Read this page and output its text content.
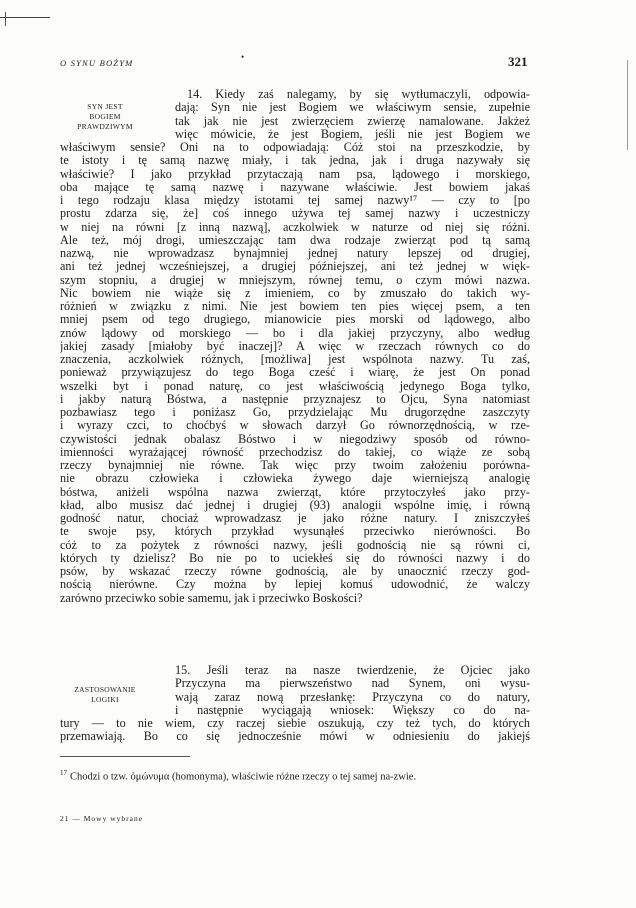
O SYNU BOŻYM
•	321
SYN JEST
BOGIEM
PRAWDZIWYM
ZASTOSOWANIE
LOGIKI
14. Kiedy zaś nalegamy, by się wytłumaczyli, odpowia-
dają: Syn nie jest Bogiem we właściwym sensie, zupełnie
tak jak nie jest zwierzęciem zwierzę namalowane. Jakżeż
więc mówicie, że jest Bogiem, jeśli nie jest Bogiem we
właściwym sensie? Oni na to odpowiadają: Cóż stoi na przeszkodzie, by
te istoty i tę samą nazwę miały, i tak jedna, jak i druga nazywały się
właściwie? I jako przykład przytaczają nam psa, lądowego i morskiego,
oba mające tę samą nazwę i nazywane właściwie. Jest bowiem jakaś
i tego rodzaju klasa między istotami tej samej nazwy¹⁷ — czy to [po
prostu zdarza się, że] coś innego używa tej samej nazwy i uczestniczy
w niej na równi [z inną nazwą], aczkolwiek w naturze od niej się różni.
Ale też, mój drogi, umieszczając tam dwa rodzaje zwierząt pod tą samą
nazwą, nie wprowadzasz bynajmniej jednej natury lepszej od drugiej,
ani też jednej wcześniejszej, a drugiej późniejszej, ani też jednej w więk-
szym stopniu, a drugiej w mniejszym, równej temu, o czym mówi nazwa.
Nic bowiem nie wiąże się z imieniem, co by zmuszało do takich wy-
różnień w związku z nimi. Nie jest bowiem ten pies więcej psem, a ten
mniej psem od tego drugiego, mianowicie pies morski od lądowego, albo
znów lądowy od morskiego — bo i dla jakiej przyczyny, albo według
jakiej zasady [miałoby być inaczej]? A więc w rzeczach równych co do
znaczenia, aczkolwiek różnych, [możliwa] jest wspólnota nazwy. Tu zaś,
ponieważ przywiązujesz do tego Boga cześć i wiarę, że jest On ponad
wszelki byt i ponad naturę, co jest właściwością jedynego Boga tylko,
i jakby naturą Bóstwa, a następnie przyznajesz to Ojcu, Syna natomiast
pozbawiasz tego i poniżasz Go, przydzielając Mu drugorzędne zaszczyty
i wyrazy czci, to choćbyś w słowach darzył Go równorzędnością, w rze-
czywistości jednak obalasz Bóstwo i w niegodziwy sposób od równo-
imienności wyrażającej równość przechodzisz do takiej, co wiąże ze sobą
rzeczy bynajmniej nie równe. Tak więc przy twoim założeniu porówna-
nie obrazu człowieka i człowieka żywego daje wierniejszą analogię
bóstwa, aniżeli wspólna nazwa zwierząt, które przytoczyłeś jako przy-
kład, albo musisz dać jednej i drugiej (93) analogii wspólne imię, i równą
godność natur, chociaż wprowadzasz je jako różne natury. I zniszczyłeś
te swoje psy, których przykład wysunąłeś przeciwko nierówności. Bo
cóż to za pożytek z równości nazwy, jeśli godnością nie są równi ci,
których ty dzielisz? Bo nie po to uciekłeś się do równości nazwy i do
psów, by wskazać rzeczy równe godnością, ale by unaocznić rzeczy god-
nością nierówne. Czy można by lepiej komuś udowodnić, że walczy
zarówno przeciwko sobie samemu, jak i przeciwko Boskości?
15. Jeśli teraz na nasze twierdzenie, że Ojciec jako
Przyczyna ma pierwszeństwo nad Synem, oni wysu-
wają zaraz nową przesłankę: Przyczyna co do natury,
i następnie wyciągają wniosek: Większy co do na-
tury — to nie wiem, czy raczej siebie oszukują, czy też tych, do których
przemawiają. Bo co się jednocześnie mówi w odniesieniu do jakiejś
$^{17}$ Chodzi o tzw. ὁμώνυμα (homonyma), właściwie różne rzeczy o tej samej na-zwie.
21 — Mowy wybrane
